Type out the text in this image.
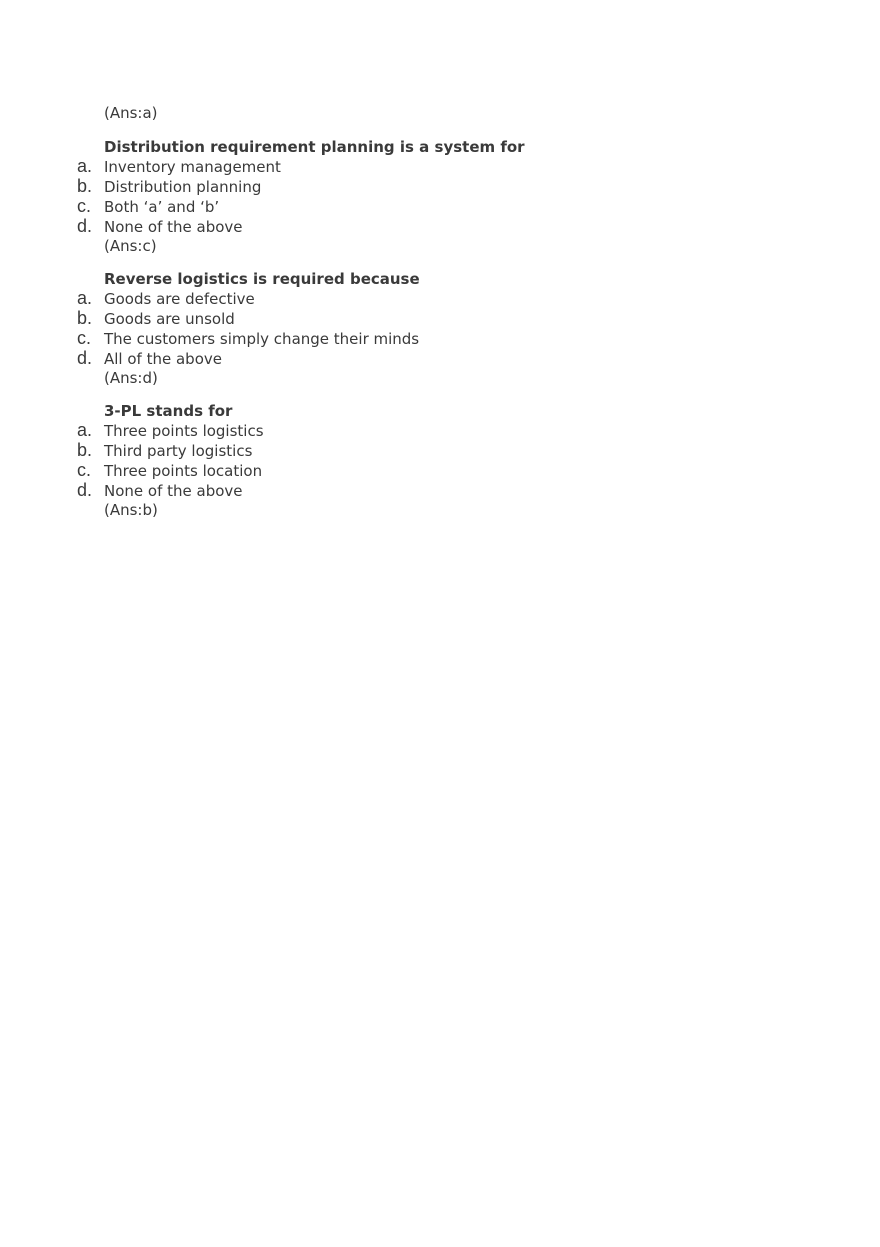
(Ans:a)

Distribution requirement planning is a system for

a. Inventory management
b. Distribution planning
c. Both ‘a’ and ‘b’
d. None of the above

(Ans:c)

Reverse logistics is required because

a. Goods are defective
b. Goods are unsold
c. The customers simply change their minds
d. All of the above

(Ans:d)

3-PL stands for

a. Three points logistics
b. Third party logistics
c. Three points location
d. None of the above

(Ans:b)
